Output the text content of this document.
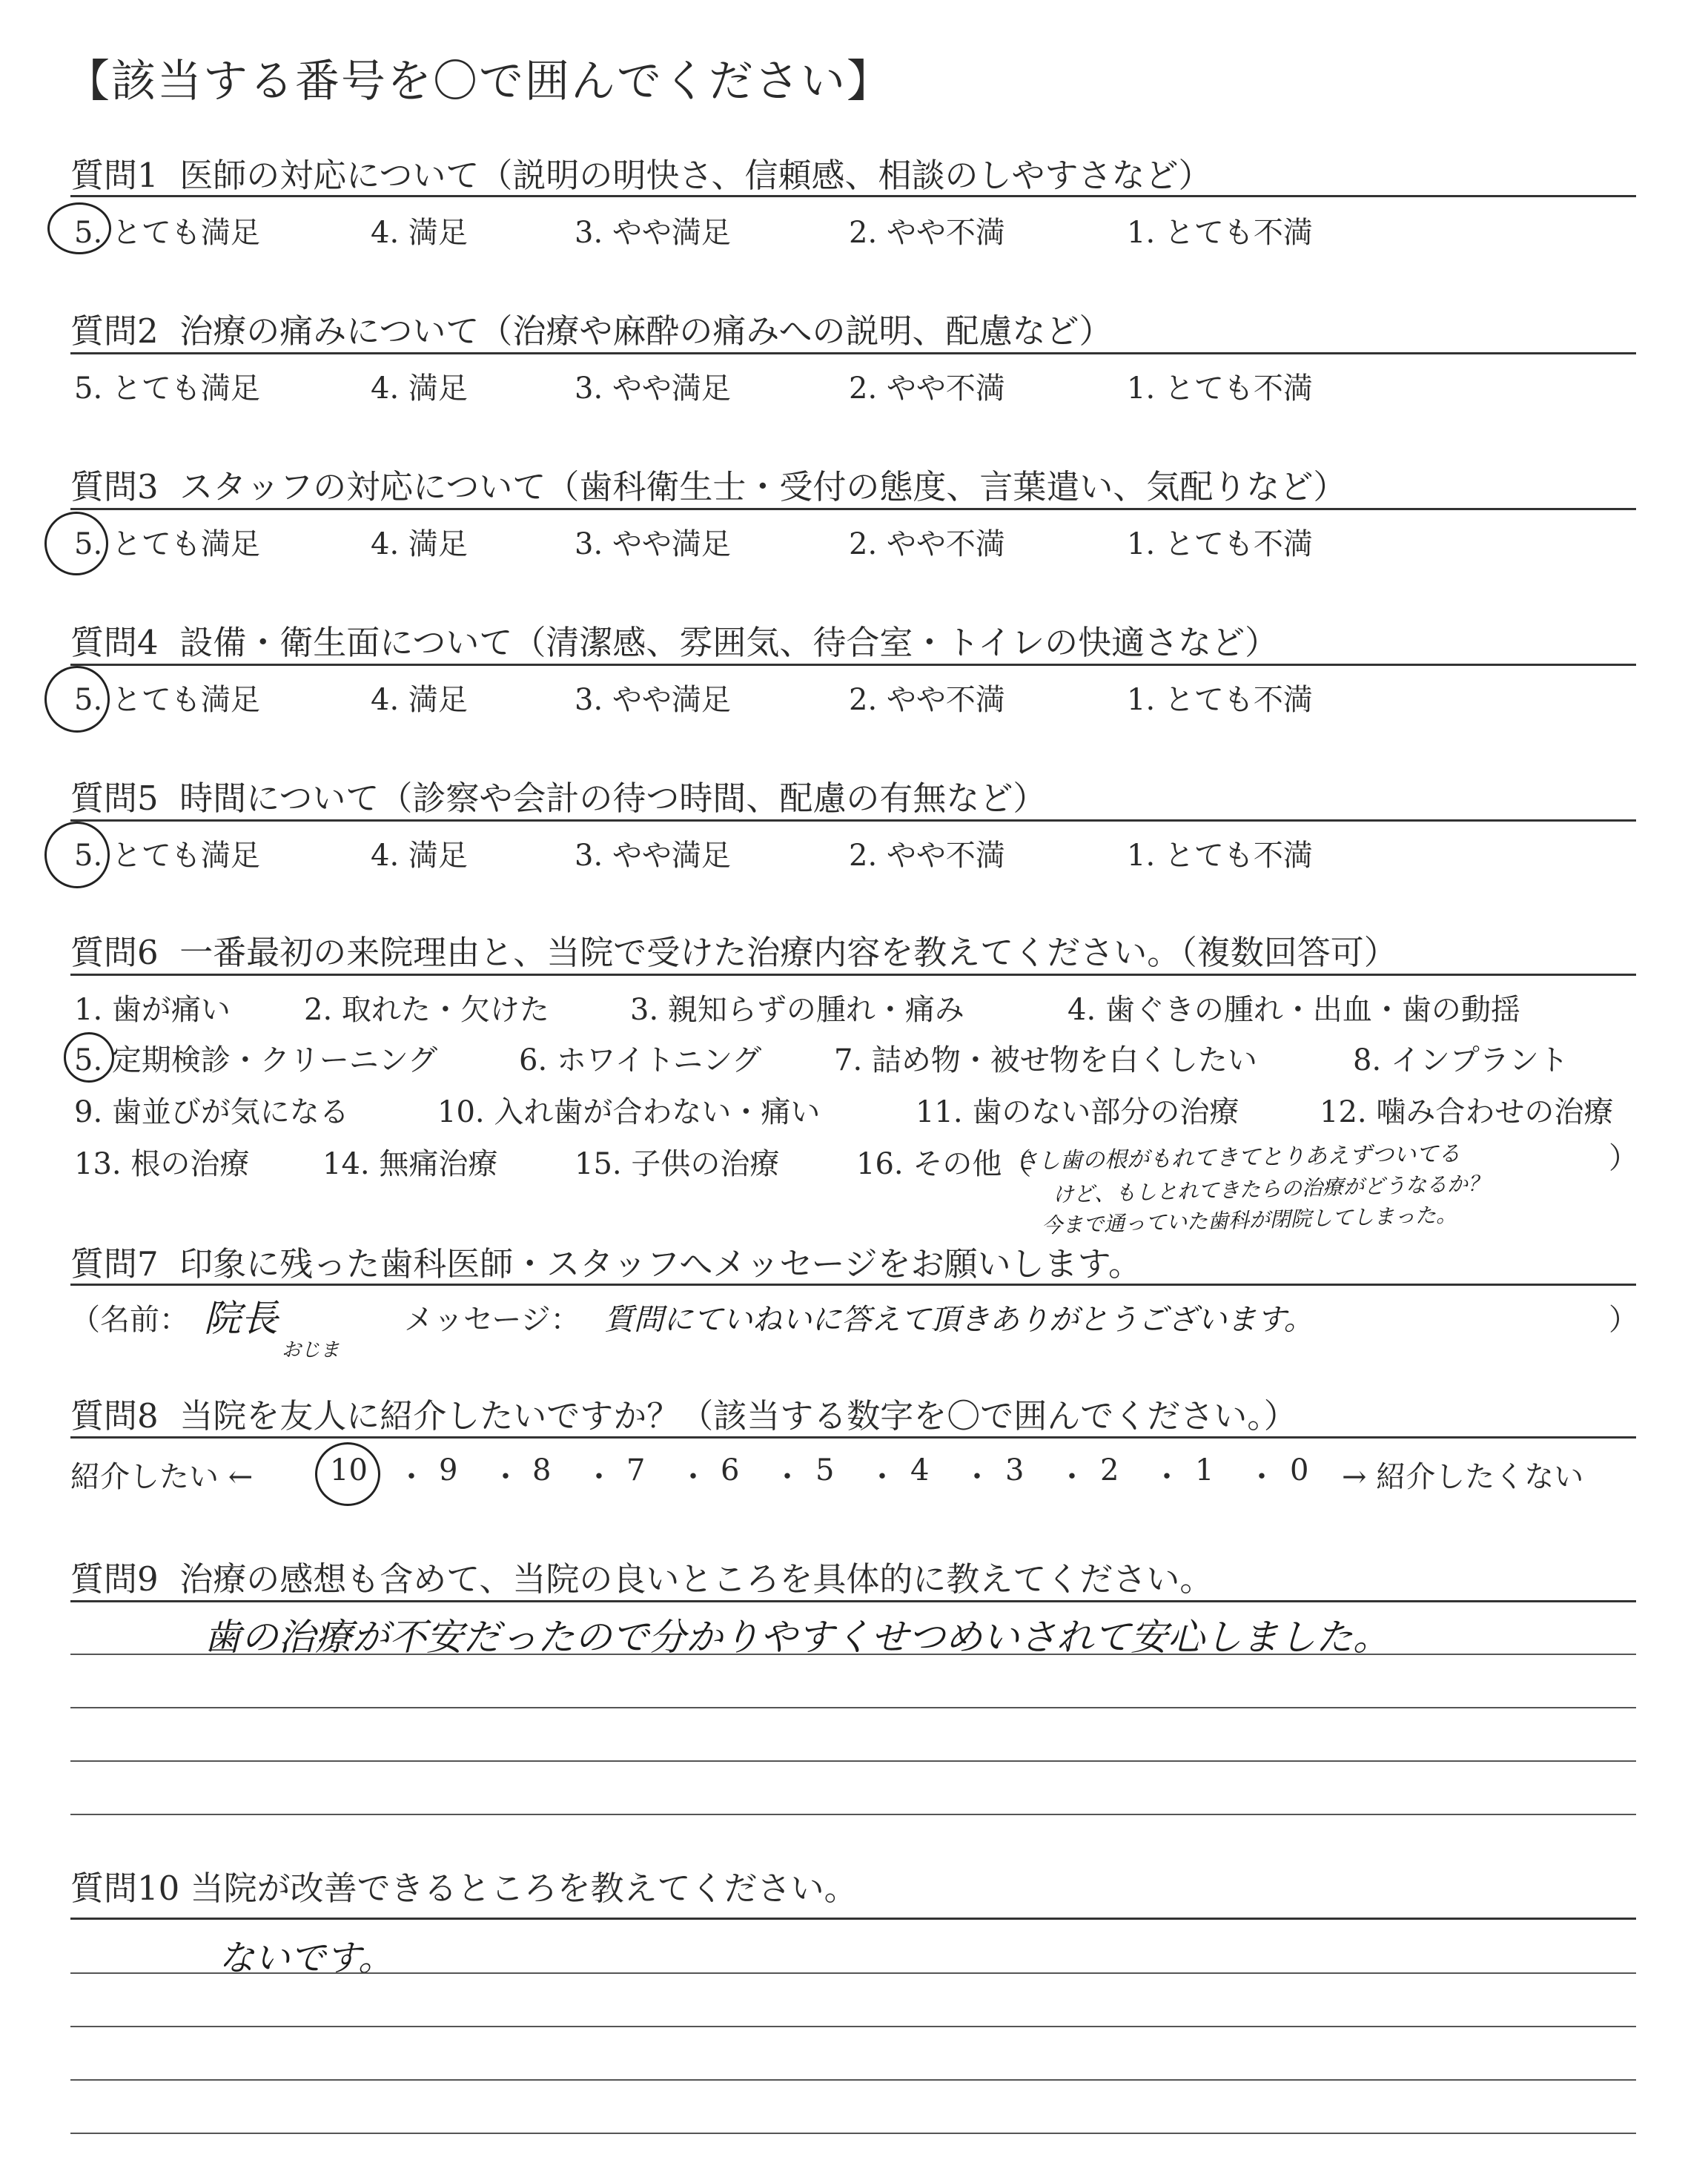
【該当する番号を〇で囲んでください】
質問1 医師の対応について（説明の明快さ、信頼感、相談のしやすさなど）
5. とても満足	4. 満足	3. やや満足	2. やや不満	1. とても不満
質問2 治療の痛みについて（治療や麻酔の痛みへの説明、配慮など）
5. とても満足	4. 満足	3. やや満足	2. やや不満	1. とても不満
質問3 スタッフの対応について（歯科衛生士・受付の態度、言葉遣い、気配りなど）
5. とても満足	4. 満足	3. やや満足	2. やや不満	1. とても不満
質問4 設備・衛生面について（清潔感、雰囲気、待合室・トイレの快適さなど）
5. とても満足	4. 満足	3. やや満足	2. やや不満	1. とても不満
質問5 時間について（診察や会計の待つ時間、配慮の有無など）
5. とても満足	4. 満足	3. やや満足	2. やや不満	1. とても不満
質問6 一番最初の来院理由と、当院で受けた治療内容を教えてください。（複数回答可）
1. 歯が痛い 2. 取れた・欠けた	3. 親知らずの腫れ・痛み	4. 歯ぐきの腫れ・出血・歯の動揺
5. 定期検診・クリーニング	6. ホワイトニング 7. 詰め物・被せ物を白くしたい	8. インプラント
9. 歯並びが気になる	10. 入れ歯が合わない・痛い	11. 歯のない部分の治療	12. 噛み合わせの治療
13. 根の治療 14. 無痛治療	15. 子供の治療	16. その他（	）
さし歯の根がもれてきてとりあえずついてる
けど、もしとれてきたらの治療がどうなるか？
今まで通っていた歯科が閉院してしまった。
質問7 印象に残った歯科医師・スタッフへメッセージをお願いします。
（名前： 院長
おじま
メッセージ： 質問にていねいに答えて頂きありがとうございます。	）
質問8 当院を友人に紹介したいですか？（該当する数字を〇で囲んでください。）
紹介したい ←	10 ・ 9 ・ 8 ・ 7 ・ 6 ・ 5 ・ 4 ・ 3 ・ 2 ・ 1 ・ 0 → 紹介したくない
質問9 治療の感想も含めて、当院の良いところを具体的に教えてください。
歯の治療が不安だったので分かりやすくせつめいされて安心しました。
質問10 当院が改善できるところを教えてください。
ないです。
